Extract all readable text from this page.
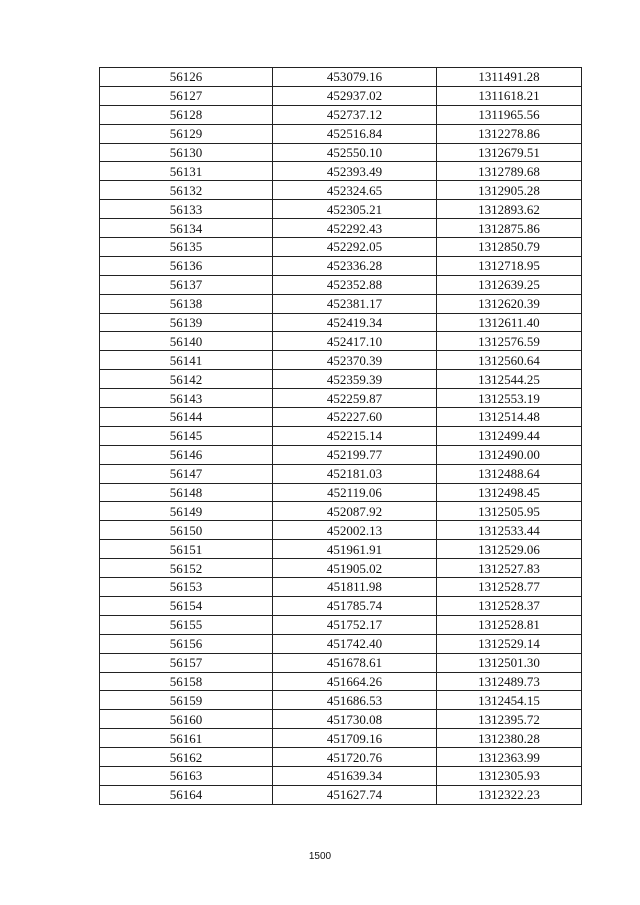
56126	453079.16	1311491.28
56127	452937.02	1311618.21
56128	452737.12	1311965.56
56129	452516.84	1312278.86
56130	452550.10	1312679.51
56131	452393.49	1312789.68
56132	452324.65	1312905.28
56133	452305.21	1312893.62
56134	452292.43	1312875.86
56135	452292.05	1312850.79
56136	452336.28	1312718.95
56137	452352.88	1312639.25
56138	452381.17	1312620.39
56139	452419.34	1312611.40
56140	452417.10	1312576.59
56141	452370.39	1312560.64
56142	452359.39	1312544.25
56143	452259.87	1312553.19
56144	452227.60	1312514.48
56145	452215.14	1312499.44
56146	452199.77	1312490.00
56147	452181.03	1312488.64
56148	452119.06	1312498.45
56149	452087.92	1312505.95
56150	452002.13	1312533.44
56151	451961.91	1312529.06
56152	451905.02	1312527.83
56153	451811.98	1312528.77
56154	451785.74	1312528.37
56155	451752.17	1312528.81
56156	451742.40	1312529.14
56157	451678.61	1312501.30
56158	451664.26	1312489.73
56159	451686.53	1312454.15
56160	451730.08	1312395.72
56161	451709.16	1312380.28
56162	451720.76	1312363.99
56163	451639.34	1312305.93
56164	451627.74	1312322.23
1500
